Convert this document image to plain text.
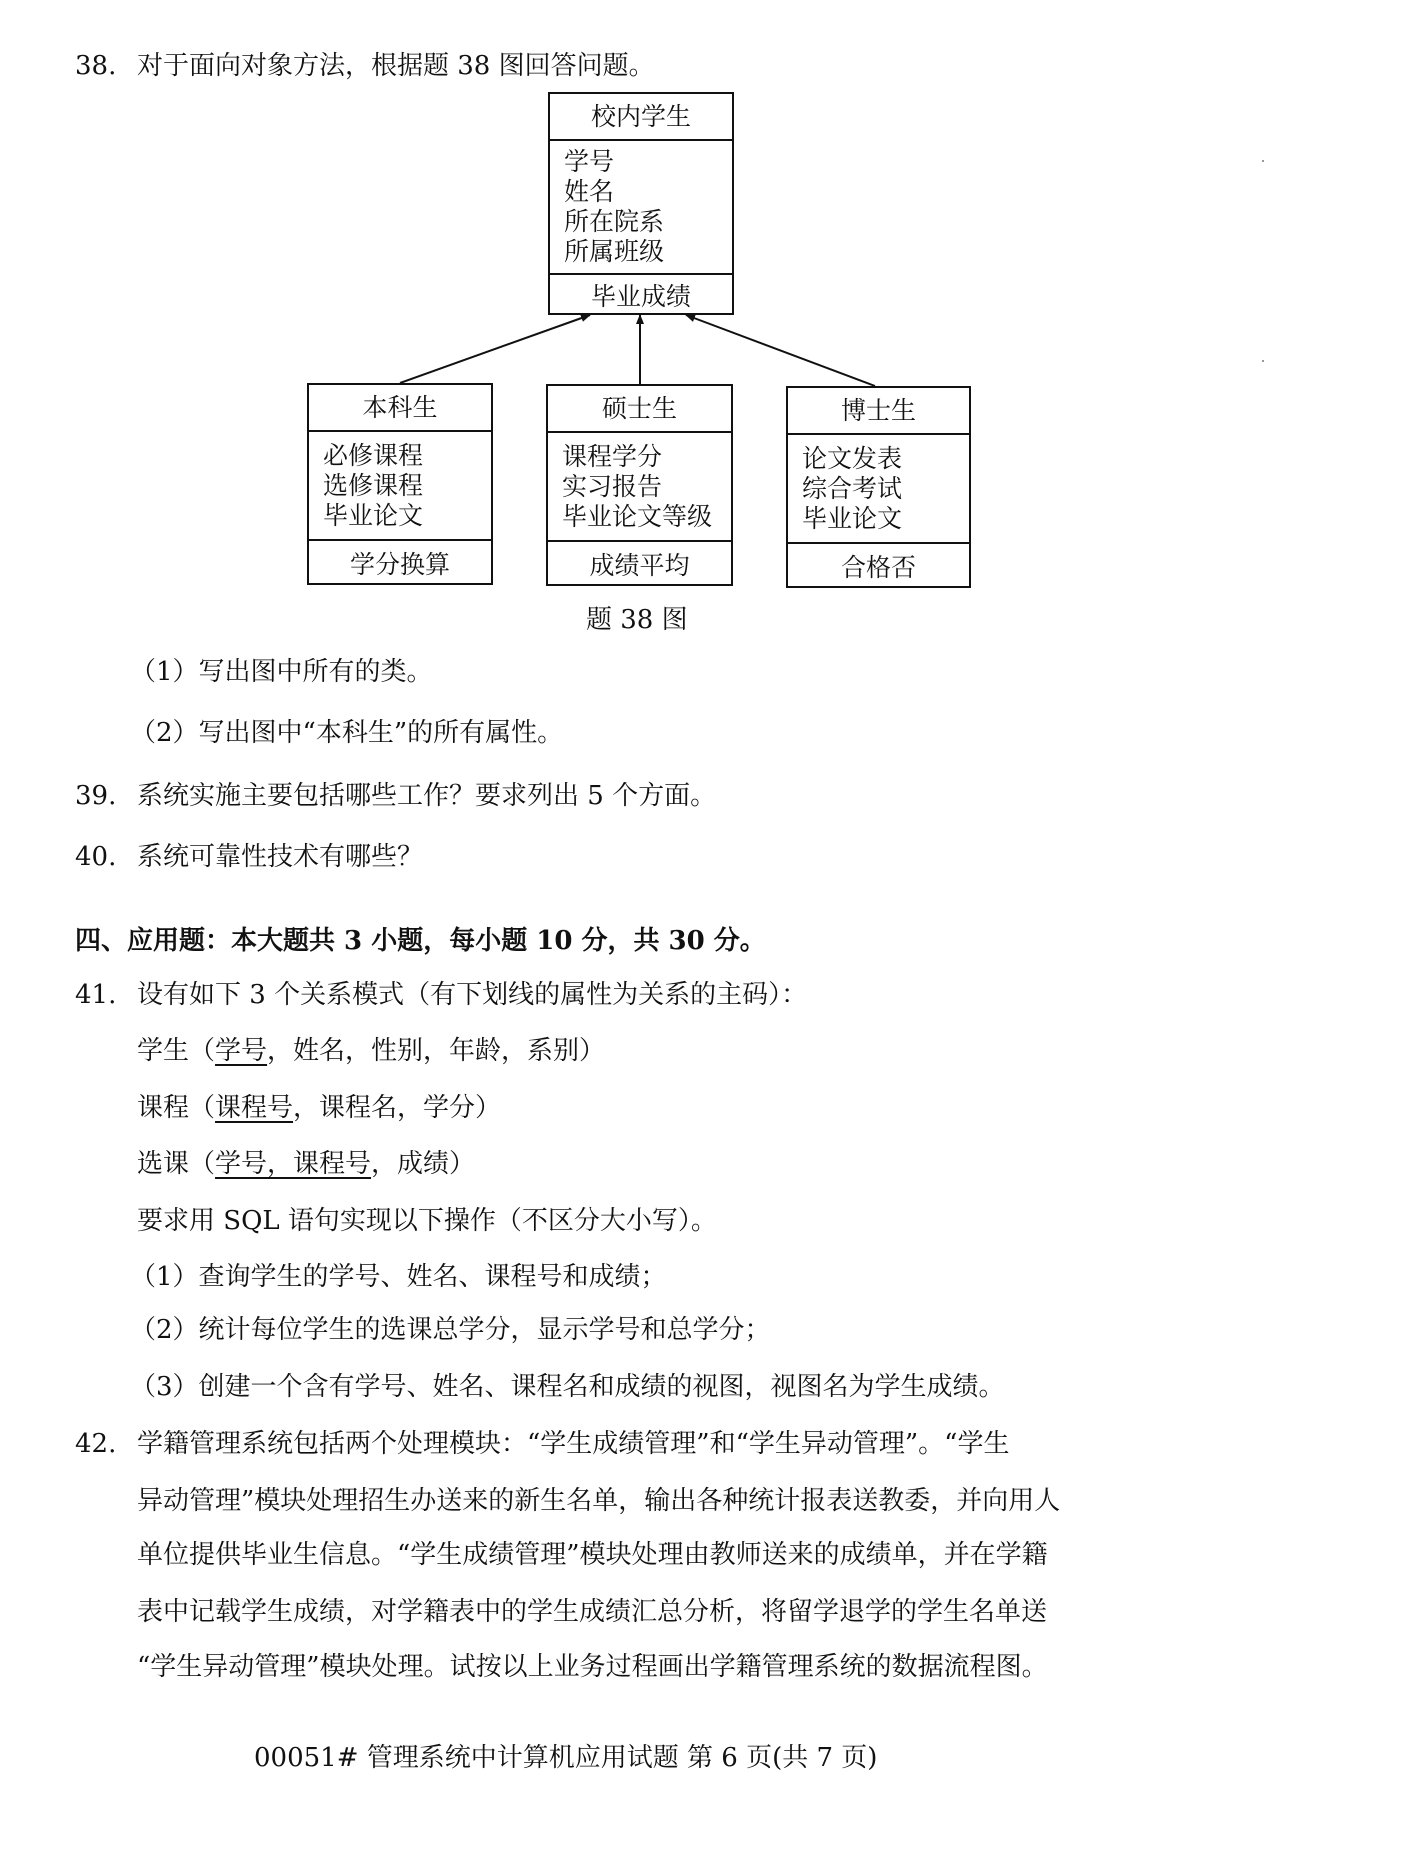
38. 对于面向对象方法，根据题 38 图回答问题。
校内学生
学号
姓名
所在院系
所属班级
毕业成绩
本科生
必修课程
选修课程
毕业论文
学分换算
硕士生
课程学分
实习报告
毕业论文等级
成绩平均
博士生
论文发表
综合考试
毕业论文
合格否
题 38 图
（1）写出图中所有的类。
（2）写出图中“本科生”的所有属性。
39. 系统实施主要包括哪些工作？要求列出 5 个方面。
40. 系统可靠性技术有哪些？
四、应用题：本大题共 3 小题，每小题 10 分，共 30 分。
41. 设有如下 3 个关系模式（有下划线的属性为关系的主码）：
学生（学号，姓名，性别，年龄，系别）
课程（课程号，课程名，学分）
选课（学号，课程号，成绩）
要求用 SQL 语句实现以下操作（不区分大小写）。
（1）查询学生的学号、姓名、课程号和成绩；
（2）统计每位学生的选课总学分，显示学号和总学分；
（3）创建一个含有学号、姓名、课程名和成绩的视图，视图名为学生成绩。
42. 学籍管理系统包括两个处理模块：“学生成绩管理”和“学生异动管理”。“学生
异动管理”模块处理招生办送来的新生名单，输出各种统计报表送教委，并向用人
单位提供毕业生信息。“学生成绩管理”模块处理由教师送来的成绩单，并在学籍
表中记载学生成绩，对学籍表中的学生成绩汇总分析，将留学退学的学生名单送
“学生异动管理”模块处理。试按以上业务过程画出学籍管理系统的数据流程图。
00051# 管理系统中计算机应用试题 第 6 页(共 7 页)
